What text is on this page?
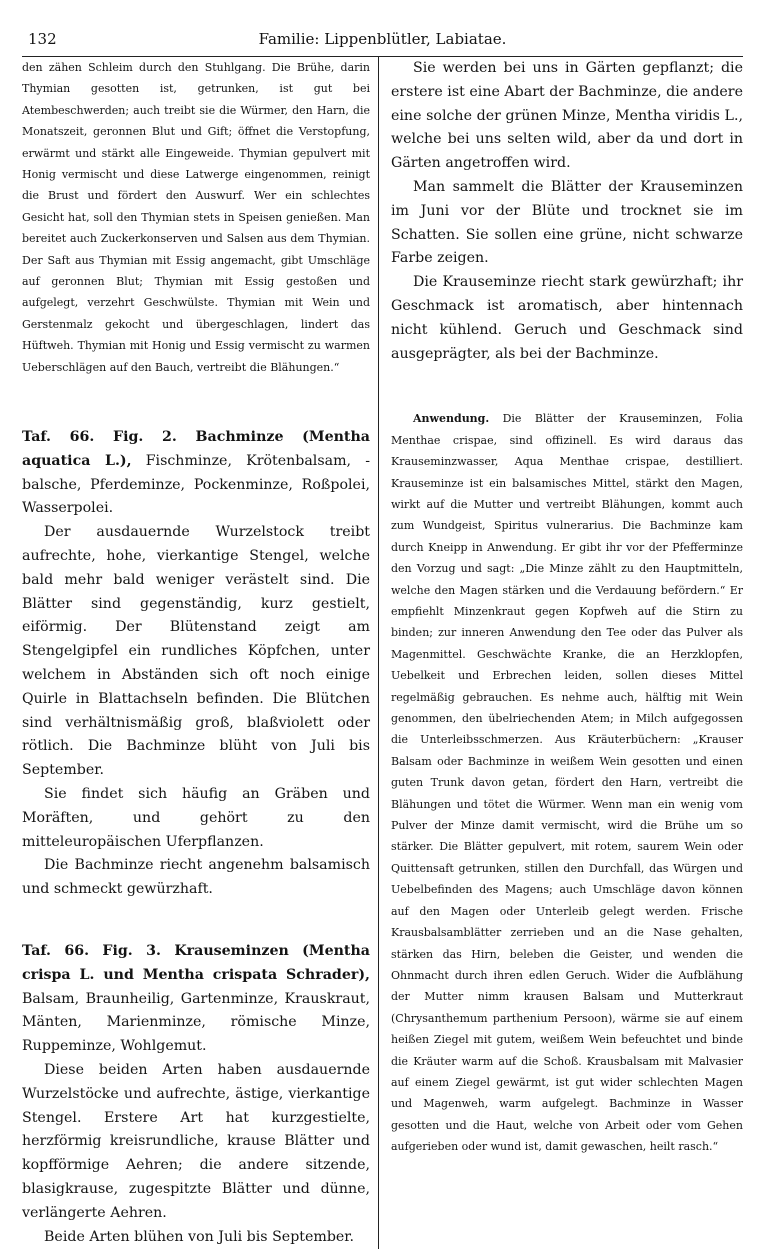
132	Familie: Lippenblütler, Labiatae.

den zähen Schleim durch den Stuhlgang. Die Brühe, darin Thymian gesotten ist, getrunken, ist gut bei Atembeschwerden; auch treibt sie die Würmer, den Harn, die Monatszeit, geronnen Blut und Gift; öffnet die Verstopfung, erwärmt und stärkt alle Eingeweide. Thymian gepulvert mit Honig vermischt und diese Latwerge eingenommen, reinigt die Brust und fördert den Auswurf. Wer ein schlechtes Gesicht hat, soll den Thymian stets in Speisen genießen. Man bereitet auch Zuckerkonserven und Salsen aus dem Thymian. Der Saft aus Thymian mit Essig angemacht, gibt Umschläge auf geronnen Blut; Thymian mit Essig gestoßen und aufgelegt, verzehrt Geschwülste. Thymian mit Wein und Gerstenmalz gekocht und übergeschlagen, lindert das Hüftweh. Thymian mit Honig und Essig vermischt zu warmen Ueberschlägen auf den Bauch, vertreibt die Blähungen.“

Taf. 66. Fig. 2. Bachminze (Mentha aquatica L.), Fischminze, Krötenbalsam, -balsche, Pferdeminze, Pockenminze, Roßpolei, Wasserpolei.

Der ausdauernde Wurzelstock treibt aufrechte, hohe, vierkantige Stengel, welche bald mehr bald weniger verästelt sind. Die Blätter sind gegenständig, kurz gestielt, eiförmig. Der Blütenstand zeigt am Stengelgipfel ein rundliches Köpfchen, unter welchem in Abständen sich oft noch einige Quirle in Blattachseln befinden. Die Blütchen sind verhältnismäßig groß, blaßviolett oder rötlich. Die Bachminze blüht von Juli bis September.

Sie findet sich häufig an Gräben und Moräften, und gehört zu den mitteleuropäischen Uferpflanzen.

Die Bachminze riecht angenehm balsamisch und schmeckt gewürzhaft.

Taf. 66. Fig. 3. Krauseminzen (Mentha crispa L. und Mentha crispata Schrader), Balsam, Braunheilig, Gartenminze, Krauskraut, Mänten, Marienminze, römische Minze, Ruppeminze, Wohlgemut.

Diese beiden Arten haben ausdauernde Wurzelstöcke und aufrechte, ästige, vierkantige Stengel. Erstere Art hat kurzgestielte, herzförmig kreisrundliche, krause Blätter und kopfförmige Aehren; die andere sitzende, blasigkrause, zugespitzte Blätter und dünne, verlängerte Aehren.

Beide Arten blühen von Juli bis September.

Sie werden bei uns in Gärten gepflanzt; die erstere ist eine Abart der Bachminze, die andere eine solche der grünen Minze, Mentha viridis L., welche bei uns selten wild, aber da und dort in Gärten angetroffen wird.

Man sammelt die Blätter der Krauseminzen im Juni vor der Blüte und trocknet sie im Schatten. Sie sollen eine grüne, nicht schwarze Farbe zeigen.

Die Krauseminze riecht stark gewürzhaft; ihr Geschmack ist aromatisch, aber hintennach nicht kühlend. Geruch und Geschmack sind ausgeprägter, als bei der Bachminze.

Anwendung. Die Blätter der Krauseminzen, Folia Menthae crispae, sind offizinell. Es wird daraus das Krauseminzwasser, Aqua Menthae crispae, destilliert. Krauseminze ist ein balsamisches Mittel, stärkt den Magen, wirkt auf die Mutter und vertreibt Blähungen, kommt auch zum Wundgeist, Spiritus vulnerarius. Die Bachminze kam durch Kneipp in Anwendung. Er gibt ihr vor der Pfefferminze den Vorzug und sagt: „Die Minze zählt zu den Hauptmitteln, welche den Magen stärken und die Verdauung befördern.“ Er empfiehlt Minzenkraut gegen Kopfweh auf die Stirn zu binden; zur inneren Anwendung den Tee oder das Pulver als Magenmittel. Geschwächte Kranke, die an Herzklopfen, Uebelkeit und Erbrechen leiden, sollen dieses Mittel regelmäßig gebrauchen. Es nehme auch, hälftig mit Wein genommen, den übelriechenden Atem; in Milch aufgegossen die Unterleibsschmerzen. Aus Kräuterbüchern: „Krauser Balsam oder Bachminze in weißem Wein gesotten und einen guten Trunk davon getan, fördert den Harn, vertreibt die Blähungen und tötet die Würmer. Wenn man ein wenig vom Pulver der Minze damit vermischt, wird die Brühe um so stärker. Die Blätter gepulvert, mit rotem, saurem Wein oder Quittensaft getrunken, stillen den Durchfall, das Würgen und Uebelbefinden des Magens; auch Umschläge davon können auf den Magen oder Unterleib gelegt werden. Frische Krausbalsamblätter zerrieben und an die Nase gehalten, stärken das Hirn, beleben die Geister, und wenden die Ohnmacht durch ihren edlen Geruch. Wider die Aufblähung der Mutter nimm krausen Balsam und Mutterkraut (Chrysanthemum parthenium Persoon), wärme sie auf einem heißen Ziegel mit gutem, weißem Wein befeuchtet und binde die Kräuter warm auf die Schoß. Krausbalsam mit Malvasier auf einem Ziegel gewärmt, ist gut wider schlechten Magen und Magenweh, warm aufgelegt. Bachminze in Wasser gesotten und die Haut, welche von Arbeit oder vom Gehen aufgerieben oder wund ist, damit gewaschen, heilt rasch.“
